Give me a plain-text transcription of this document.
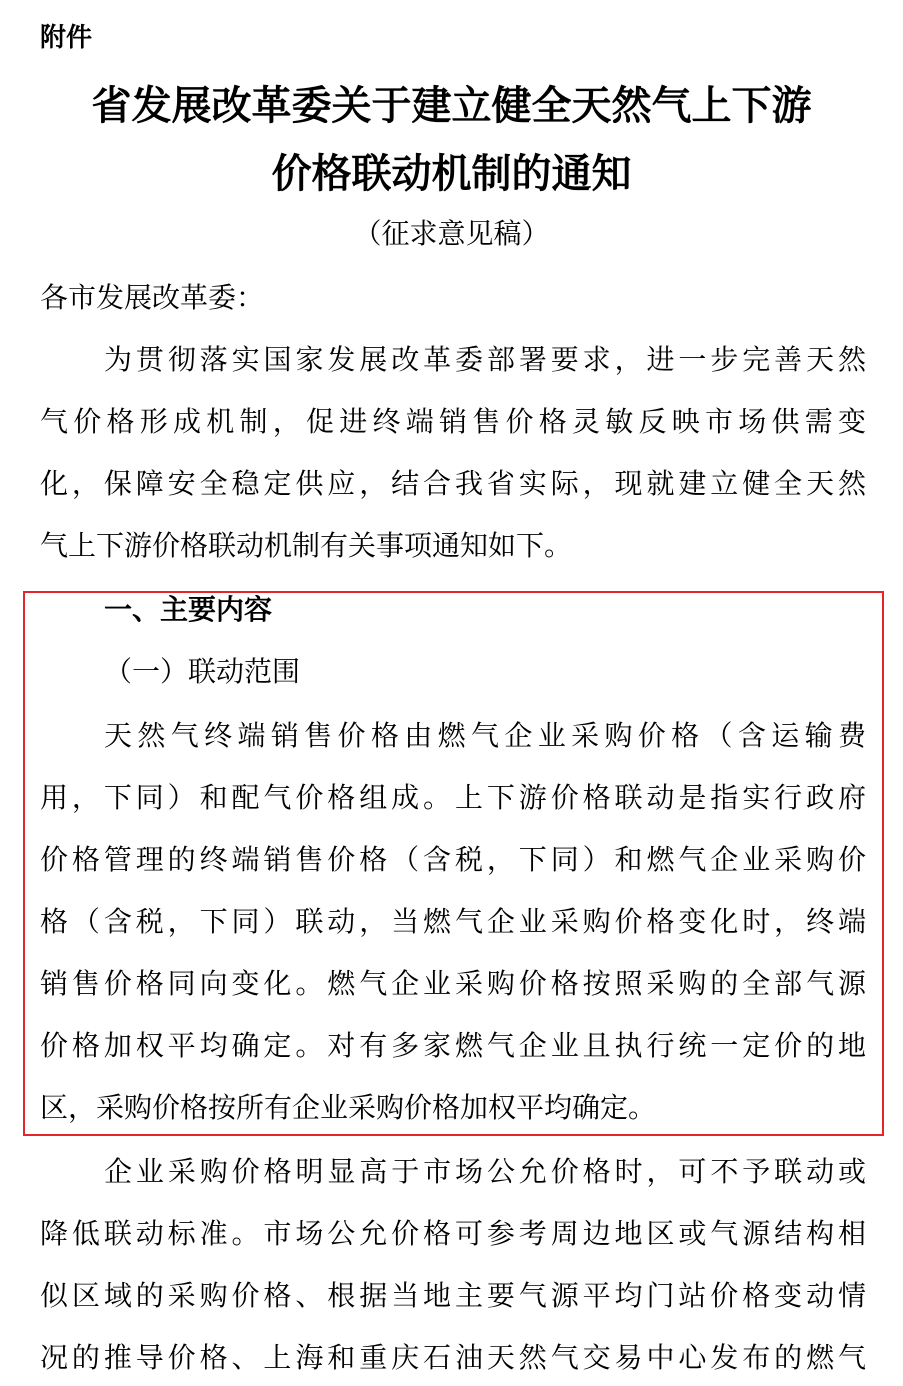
附件
省发展改革委关于建立健全天然气上下游
价格联动机制的通知
（征求意见稿）
各市发展改革委：
为贯彻落实国家发展改革委部署要求，进一步完善天然
气价格形成机制，促进终端销售价格灵敏反映市场供需变
化，保障安全稳定供应，结合我省实际，现就建立健全天然
气上下游价格联动机制有关事项通知如下。
一、主要内容
（一）联动范围
天然气终端销售价格由燃气企业采购价格（含运输费
用，下同）和配气价格组成。上下游价格联动是指实行政府
价格管理的终端销售价格（含税，下同）和燃气企业采购价
格（含税，下同）联动，当燃气企业采购价格变化时，终端
销售价格同向变化。燃气企业采购价格按照采购的全部气源
价格加权平均确定。对有多家燃气企业且执行统一定价的地
区，采购价格按所有企业采购价格加权平均确定。
企业采购价格明显高于市场公允价格时，可不予联动或
降低联动标准。市场公允价格可参考周边地区或气源结构相
似区域的采购价格、根据当地主要气源平均门站价格变动情
况的推导价格、上海和重庆石油天然气交易中心发布的燃气
